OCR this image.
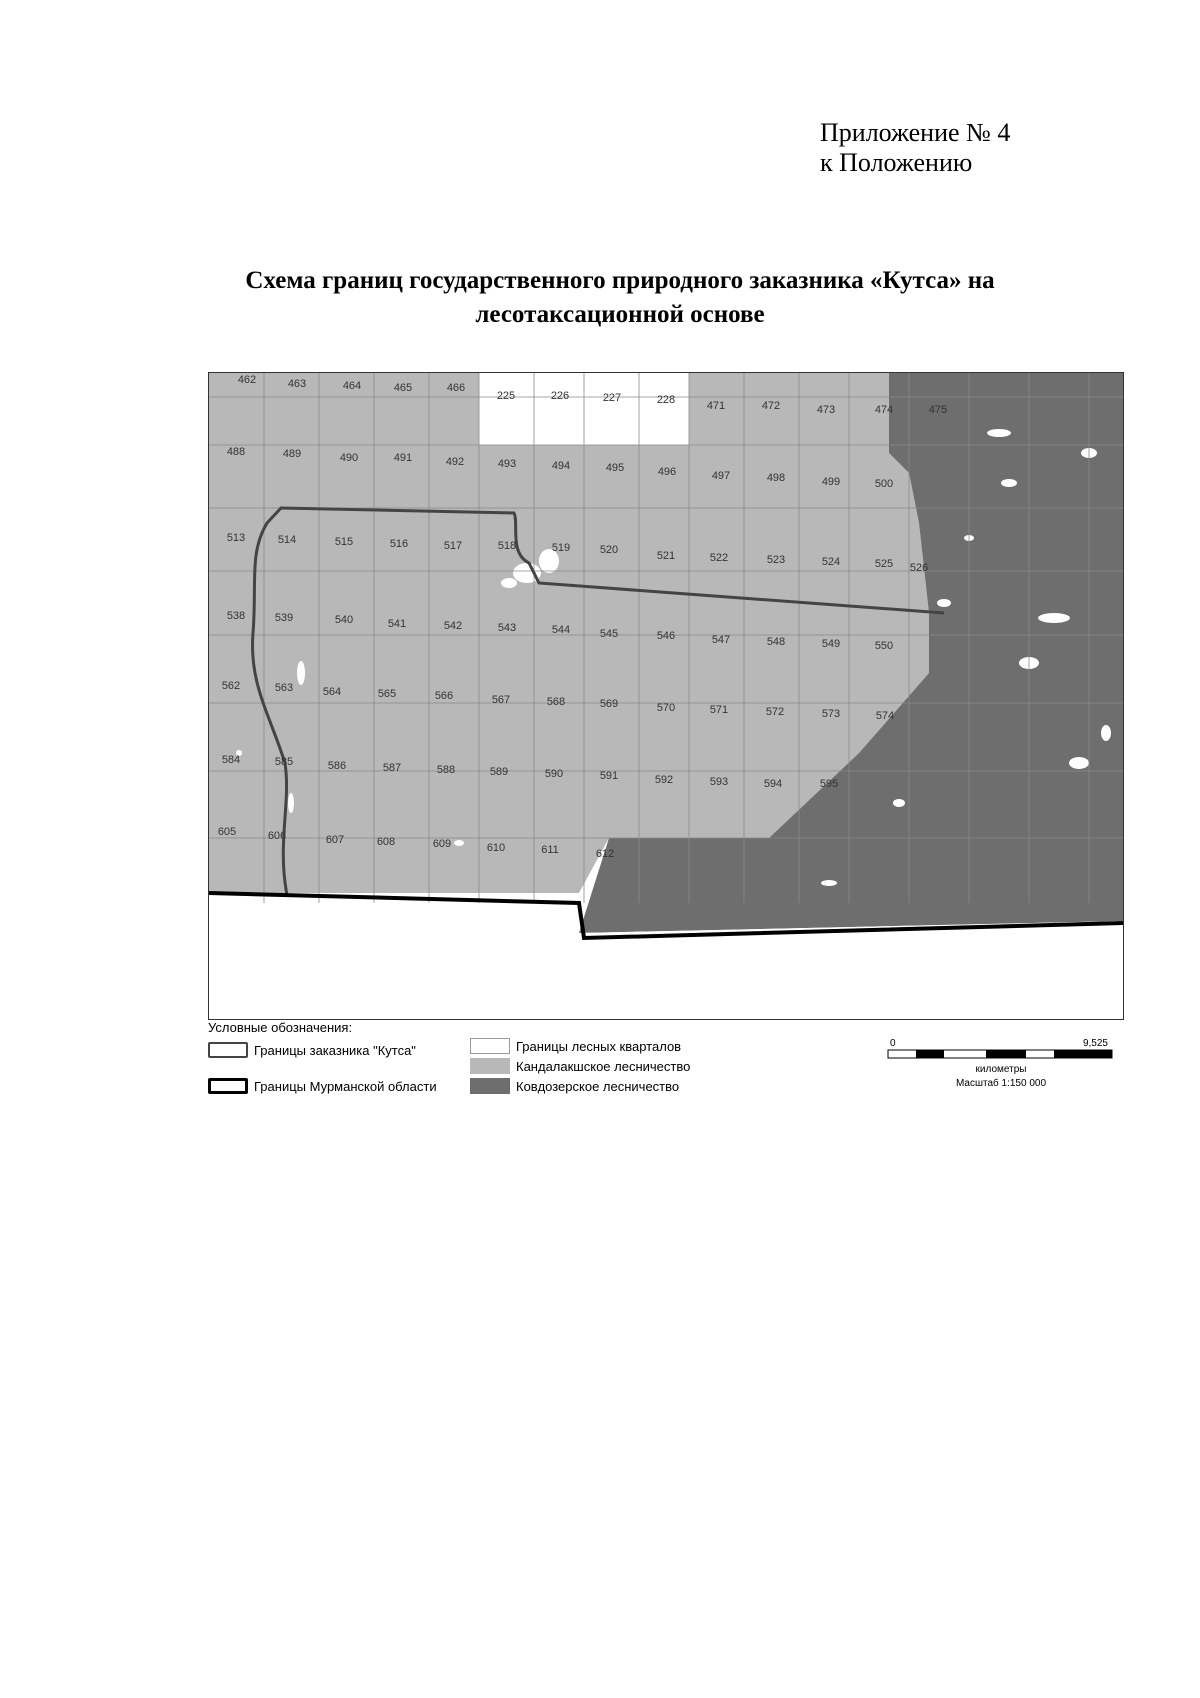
Приложение № 4
к Положению
Схема границ государственного природного заказника «Кутса» на
лесотаксационной основе
462	463	464	465	466
225	226	227	228	471	472	473	474	475
488	489	490	491	492	493	494	495	496	497	498	499	500
513	514	515	516	517	518	519	520	521	522	523	524	525 526
538	539	540	541	542	543	544	545	546	547	548	549	550
562	563	564	565	566	567	568	569	570	571	572	573	574
584	585	586	587	588	589	590	591	592	593	594	595
605	606	607	608	609	610	611	612
Условные обозначения:
Границы заказника "Кутса"
Границы Мурманской области
Границы лесных кварталов
Кандалакшское лесничество
Ковдозерское лесничество
0	9,525
километры
Масштаб 1:150 000
